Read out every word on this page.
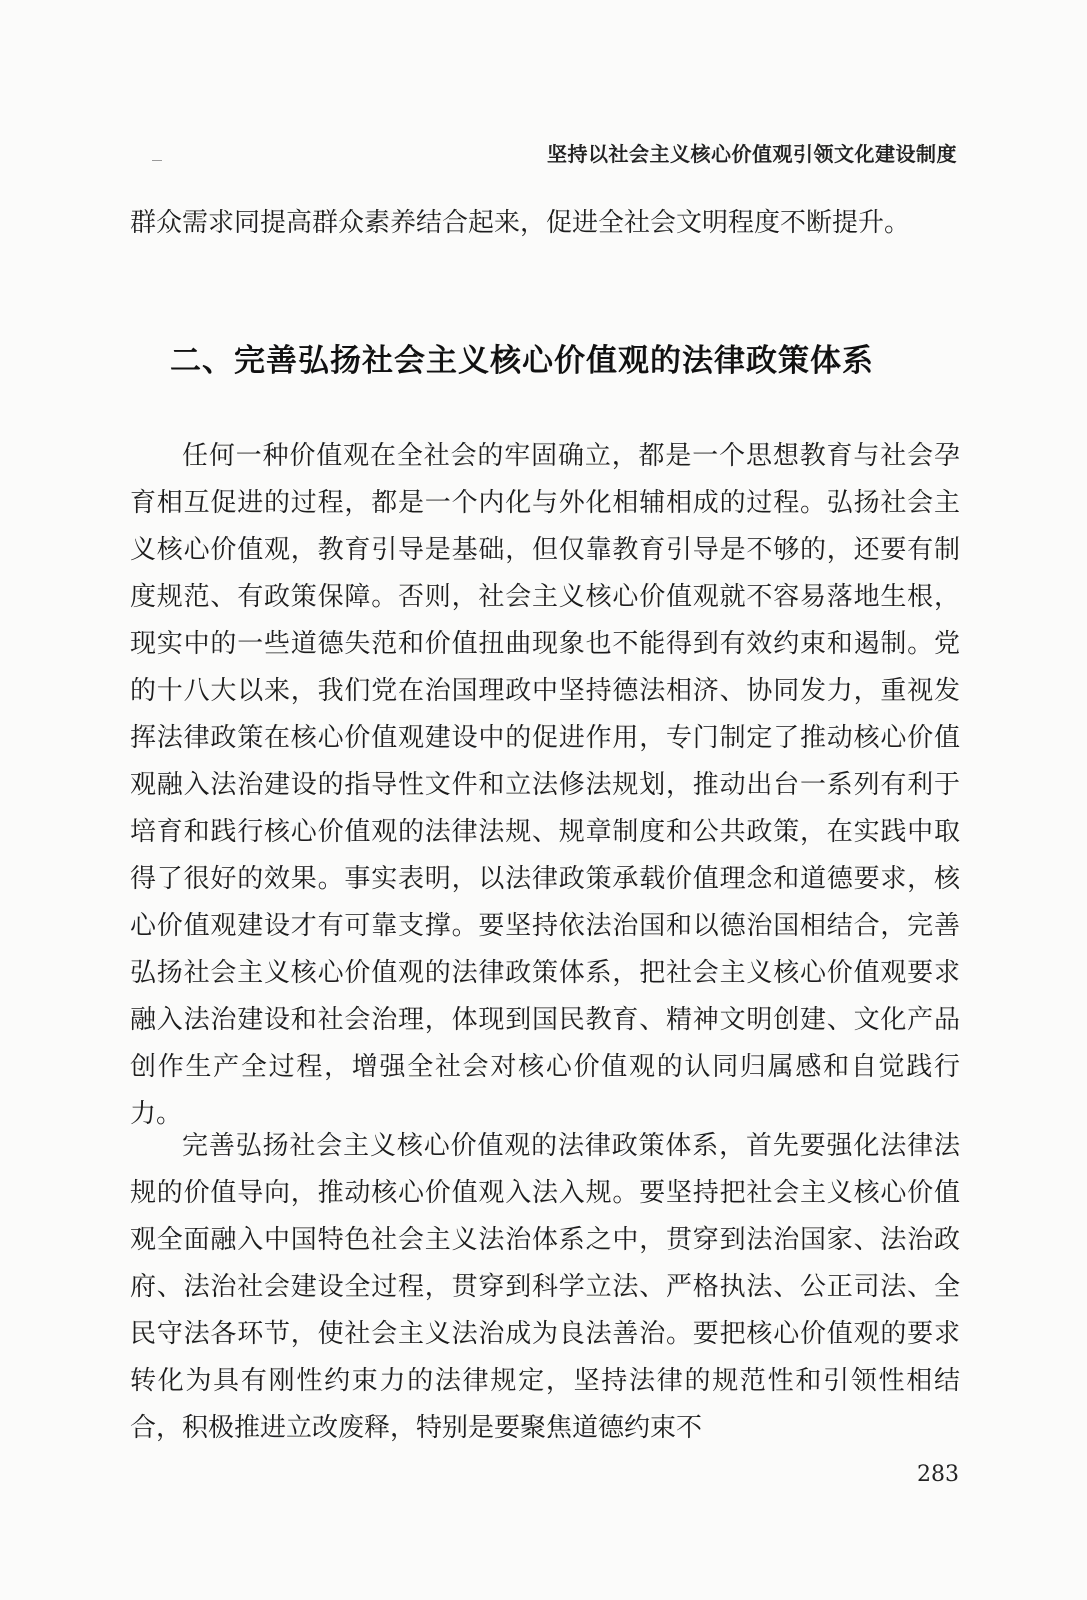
坚持以社会主义核心价值观引领文化建设制度
群众需求同提高群众素养结合起来，促进全社会文明程度不断提升。
二、完善弘扬社会主义核心价值观的法律政策体系
任何一种价值观在全社会的牢固确立，都是一个思想教育与社会孕育相互促进的过程，都是一个内化与外化相辅相成的过程。弘扬社会主义核心价值观，教育引导是基础，但仅靠教育引导是不够的，还要有制度规范、有政策保障。否则，社会主义核心价值观就不容易落地生根，现实中的一些道德失范和价值扭曲现象也不能得到有效约束和遏制。党的十八大以来，我们党在治国理政中坚持德法相济、协同发力，重视发挥法律政策在核心价值观建设中的促进作用，专门制定了推动核心价值观融入法治建设的指导性文件和立法修法规划，推动出台一系列有利于培育和践行核心价值观的法律法规、规章制度和公共政策，在实践中取得了很好的效果。事实表明，以法律政策承载价值理念和道德要求，核心价值观建设才有可靠支撑。要坚持依法治国和以德治国相结合，完善弘扬社会主义核心价值观的法律政策体系，把社会主义核心价值观要求融入法治建设和社会治理，体现到国民教育、精神文明创建、文化产品创作生产全过程，增强全社会对核心价值观的认同归属感和自觉践行力。
完善弘扬社会主义核心价值观的法律政策体系，首先要强化法律法规的价值导向，推动核心价值观入法入规。要坚持把社会主义核心价值观全面融入中国特色社会主义法治体系之中，贯穿到法治国家、法治政府、法治社会建设全过程，贯穿到科学立法、严格执法、公正司法、全民守法各环节，使社会主义法治成为良法善治。要把核心价值观的要求转化为具有刚性约束力的法律规定，坚持法律的规范性和引领性相结合，积极推进立改废释，特别是要聚焦道德约束不
283
